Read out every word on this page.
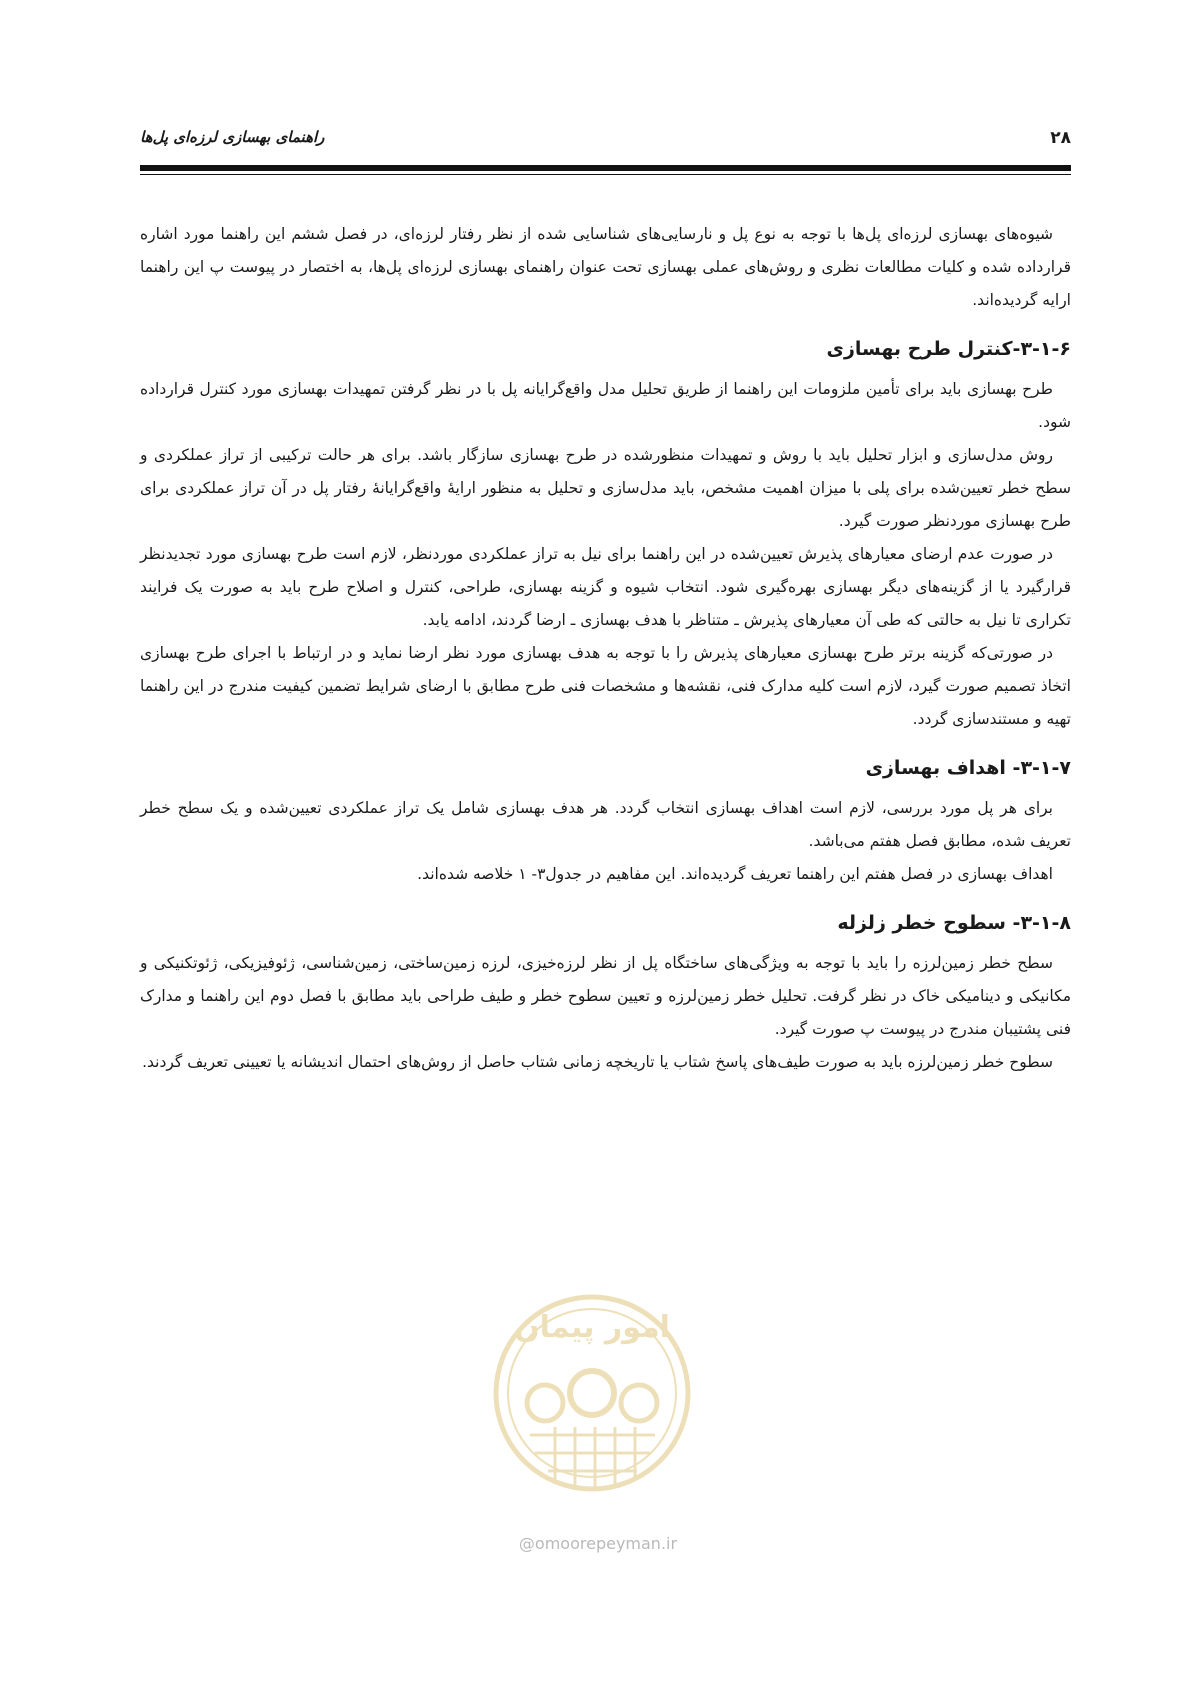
۲۸
راهنمای بهسازی لرزه‌ای پل‌ها

شیوه‌های بهسازی لرزه‌ای پل‌ها با توجه به نوع پل و نارسایی‌های شناسایی شده از نظر رفتار لرزه‌ای، در فصل ششم این راهنما مورد اشاره قرارداده شده و کلیات مطالعات نظری و روش‌های عملی بهسازی تحت عنوان راهنمای بهسازی لرزه‌ای پل‌ها، به اختصار در پیوست پ این راهنما ارایه گردیده‌اند.

۳-۱-۶-کنترل طرح بهسازی

طرح بهسازی باید برای تأمین ملزومات این راهنما از طریق تحلیل مدل واقع‌گرایانه پل با در نظر گرفتن تمهیدات بهسازی مورد کنترل قرارداده شود.

روش مدل‌سازی و ابزار تحلیل باید با روش و تمهیدات منظورشده در طرح بهسازی سازگار باشد. برای هر حالت ترکیبی از تراز عملکردی و سطح خطر تعیین‌شده برای پلی با میزان اهمیت مشخص، باید مدل‌سازی و تحلیل به منظور ارایهٔ واقع‌گرایانهٔ رفتار پل در آن تراز عملکردی برای طرح بهسازی موردنظر صورت گیرد.

در صورت عدم ارضای معیارهای پذیرش تعیین‌شده در این راهنما برای نیل به تراز عملکردی موردنظر، لازم است طرح بهسازی مورد تجدیدنظر قرارگیرد یا از گزینه‌های دیگر بهسازی بهره‌گیری شود. انتخاب شیوه و گزینه بهسازی، طراحی، کنترل و اصلاح طرح باید به صورت یک فرایند تکراری تا نیل به حالتی که طی آن معیارهای پذیرش ـ متناظر با هدف بهسازی ـ ارضا گردند، ادامه یابد.

در صورتی‌که گزینه برتر طرح بهسازی معیارهای پذیرش را با توجه به هدف بهسازی مورد نظر ارضا نماید و در ارتباط با اجرای طرح بهسازی اتخاذ تصمیم صورت گیرد، لازم است کلیه مدارک فنی، نقشه‌ها و مشخصات فنی طرح مطابق با ارضای شرایط تضمین کیفیت مندرج در این راهنما تهیه و مستندسازی گردد.

۳-۱-۷- اهداف بهسازی

برای هر پل مورد بررسی، لازم است اهداف بهسازی انتخاب گردد. هر هدف بهسازی شامل یک تراز عملکردی تعیین‌شده و یک سطح خطر تعریف شده، مطابق فصل هفتم می‌باشد.

اهداف بهسازی در فصل هفتم این راهنما تعریف گردیده‌اند. این مفاهیم در جدول۳- ۱ خلاصه شده‌اند.

۳-۱-۸- سطوح خطر زلزله

سطح خطر زمین‌لرزه را باید با توجه به ویژگی‌های ساختگاه پل از نظر لرزه‌خیزی، لرزه زمین‌ساختی، زمین‌شناسی، ژئوفیزیکی، ژئوتکنیکی و مکانیکی و دینامیکی خاک در نظر گرفت. تحلیل خطر زمین‌لرزه و تعیین سطوح خطر و طیف طراحی باید مطابق با فصل دوم این راهنما و مدارک فنی پشتیبان مندرج در پیوست پ صورت گیرد.

سطوح خطر زمین‌لرزه باید به صورت طیف‌های پاسخ شتاب یا تاریخچه زمانی شتاب حاصل از روش‌های احتمال اندیشانه یا تعیینی تعریف گردند.

امور پیمان
@omoorepeyman.ir
